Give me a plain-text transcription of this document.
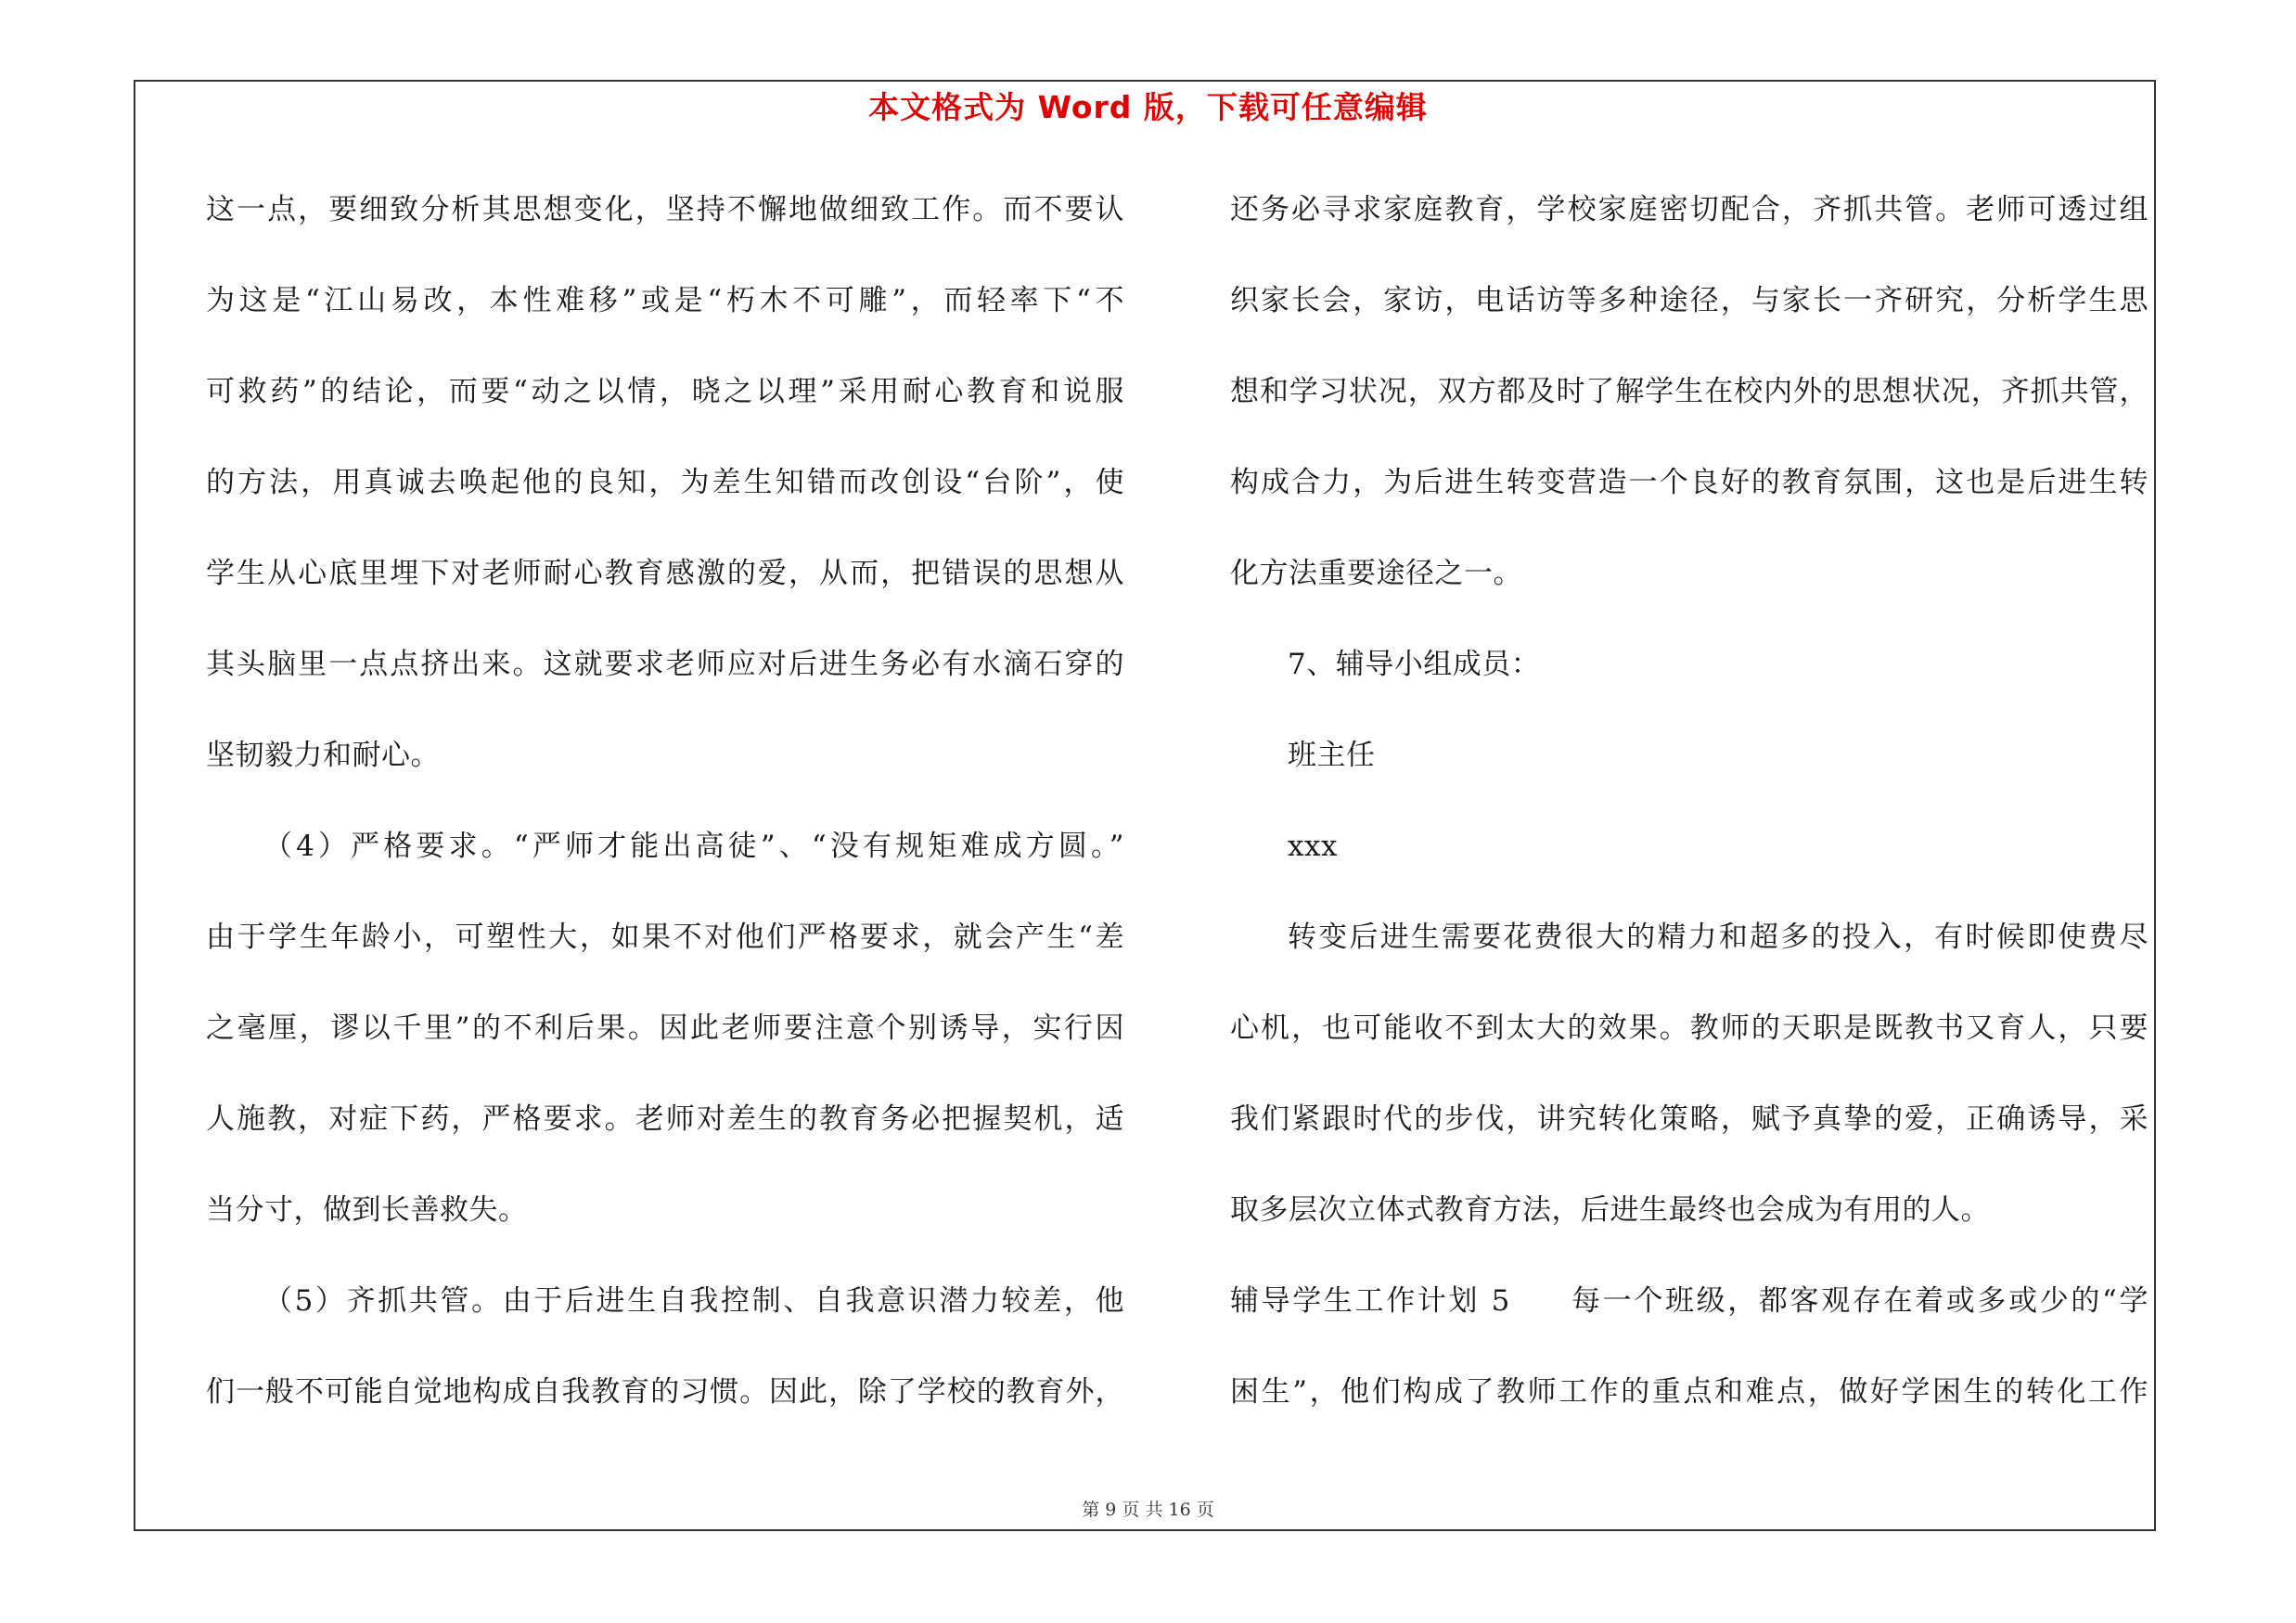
本文格式为 Word 版，下载可任意编辑
这一点，要细致分析其思想变化，坚持不懈地做细致工作。而不要认
为这是“江山易改，本性难移”或是“朽木不可雕”，而轻率下“不
可救药”的结论，而要“动之以情，晓之以理”采用耐心教育和说服
的方法，用真诚去唤起他的良知，为差生知错而改创设“台阶”，使
学生从心底里埋下对老师耐心教育感激的爱，从而，把错误的思想从
其头脑里一点点挤出来。这就要求老师应对后进生务必有水滴石穿的
坚韧毅力和耐心。
（4）严格要求。“严师才能出高徒”、“没有规矩难成方圆。”
由于学生年龄小，可塑性大，如果不对他们严格要求，就会产生“差
之毫厘，谬以千里”的不利后果。因此老师要注意个别诱导，实行因
人施教，对症下药，严格要求。老师对差生的教育务必把握契机，适
当分寸，做到长善救失。
（5）齐抓共管。由于后进生自我控制、自我意识潜力较差，他
们一般不可能自觉地构成自我教育的习惯。因此，除了学校的教育外，
还务必寻求家庭教育，学校家庭密切配合，齐抓共管。老师可透过组
织家长会，家访，电话访等多种途径，与家长一齐研究，分析学生思
想和学习状况，双方都及时了解学生在校内外的思想状况，齐抓共管，
构成合力，为后进生转变营造一个良好的教育氛围，这也是后进生转
化方法重要途径之一。
7、辅导小组成员：
班主任
xxx
转变后进生需要花费很大的精力和超多的投入，有时候即使费尽
心机，也可能收不到太大的效果。教师的天职是既教书又育人，只要
我们紧跟时代的步伐，讲究转化策略，赋予真挚的爱，正确诱导，采
取多层次立体式教育方法，后进生最终也会成为有用的人。
辅导学生工作计划 5 每一个班级，都客观存在着或多或少的“学
困生”，他们构成了教师工作的重点和难点，做好学困生的转化工作
第 9 页 共 16 页
